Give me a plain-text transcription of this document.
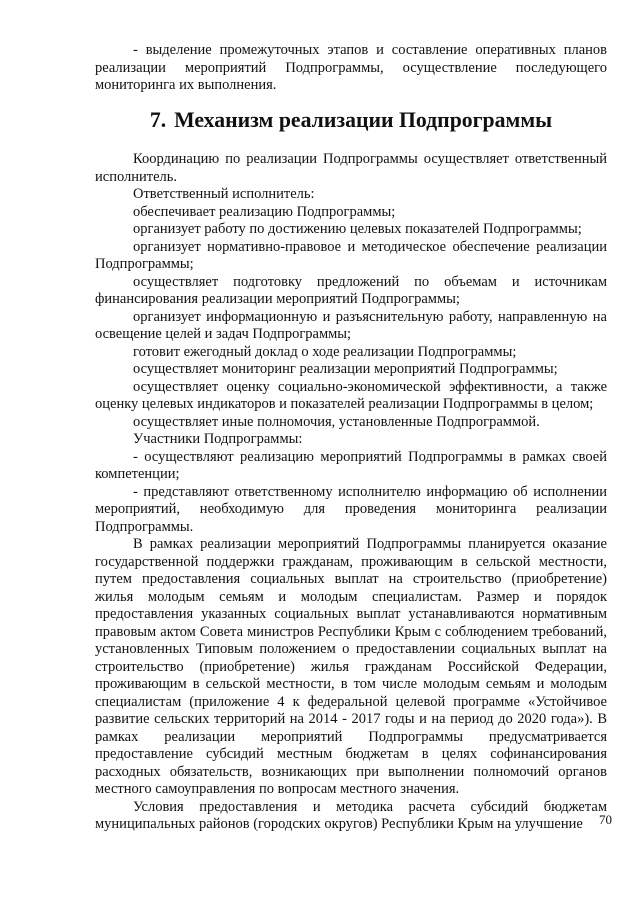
- выделение промежуточных этапов и составление оперативных планов реализации мероприятий Подпрограммы, осуществление последующего мониторинга их выполнения.

7. Механизм реализации Подпрограммы

Координацию по реализации Подпрограммы осуществляет ответственный исполнитель.

Ответственный исполнитель:

обеспечивает реализацию Подпрограммы;

организует работу по достижению целевых показателей Подпрограммы;

организует нормативно-правовое и методическое обеспечение реализации Подпрограммы;

осуществляет подготовку предложений по объемам и источникам финансирования реализации мероприятий Подпрограммы;

организует информационную и разъяснительную работу, направленную на освещение целей и задач Подпрограммы;

готовит ежегодный доклад о ходе реализации Подпрограммы;

осуществляет мониторинг реализации мероприятий Подпрограммы;

осуществляет оценку социально-экономической эффективности, а также оценку целевых индикаторов и показателей реализации Подпрограммы в целом;

осуществляет иные полномочия, установленные Подпрограммой.

Участники Подпрограммы:

- осуществляют реализацию мероприятий Подпрограммы в рамках своей компетенции;

- представляют ответственному исполнителю информацию об исполнении мероприятий, необходимую для проведения мониторинга реализации Подпрограммы.

В рамках реализации мероприятий Подпрограммы планируется оказание государственной поддержки гражданам, проживающим в сельской местности, путем предоставления социальных выплат на строительство (приобретение) жилья молодым семьям и молодым специалистам. Размер и порядок предоставления указанных социальных выплат устанавливаются нормативным правовым актом Совета министров Республики Крым с соблюдением требований, установленных Типовым положением о предоставлении социальных выплат на строительство (приобретение) жилья гражданам Российской Федерации, проживающим в сельской местности, в том числе молодым семьям и молодым специалистам (приложение 4 к федеральной целевой программе «Устойчивое развитие сельских территорий на 2014 - 2017 годы и на период до 2020 года»). В рамках реализации мероприятий Подпрограммы предусматривается предоставление субсидий местным бюджетам в целях софинансирования расходных обязательств, возникающих при выполнении полномочий органов местного самоуправления по вопросам местного значения.

Условия предоставления и методика расчета субсидий бюджетам муниципальных районов (городских округов) Республики Крым на улучшение	70
